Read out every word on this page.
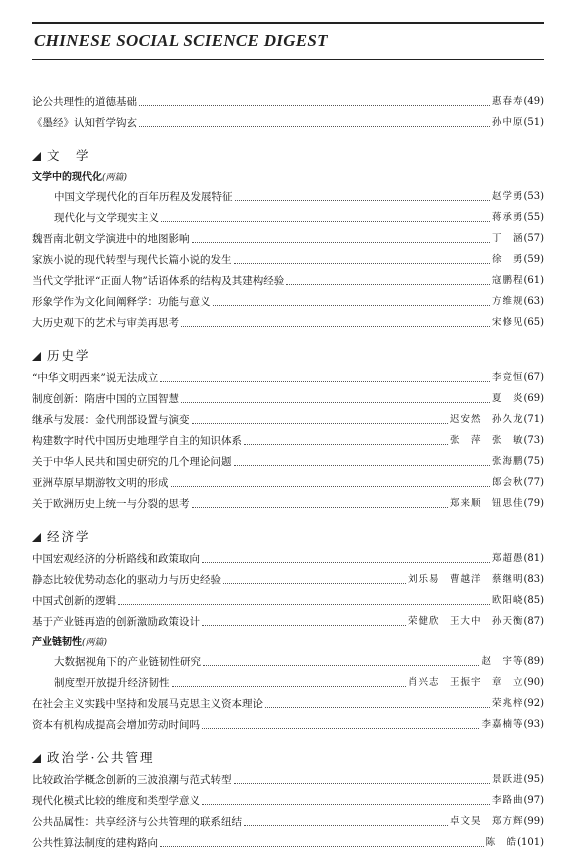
CHINESE SOCIAL SCIENCE DIGEST
论公共理性的道德基础	惠春寿 (49)
《墨经》认知哲学钩玄	孙中原 (51)
文　学
文学中的现代化 (两篇)
中国文学现代化的百年历程及发展特征	赵学勇 (53)
现代化与文学现实主义	蒋承勇 (55)
魏晋南北朝文学演进中的地图影响	丁　涵 (57)
家族小说的现代转型与现代长篇小说的发生	徐　勇 (59)
当代文学批评“正面人物”话语体系的结构及其建构经验	寇鹏程 (61)
形象学作为文化间阐释学：功能与意义	方维规 (63)
大历史观下的艺术与审美再思考	宋修见 (65)
历史学
“中华文明西来”说无法成立	李竞恒 (67)
制度创新：隋唐中国的立国智慧	夏　炎 (69)
继承与发展：金代刑部设置与演变	迟安然　孙久龙 (71)
构建数字时代中国历史地理学自主的知识体系	张　萍　张　敏 (73)
关于中华人民共和国史研究的几个理论问题	张海鹏 (75)
亚洲草原早期游牧文明的形成	郎会秋 (77)
关于欧洲历史上统一与分裂的思考	郑来顺　钮思佳 (79)
经济学
中国宏观经济的分析路线和政策取向	郑超愚 (81)
静态比较优势动态化的驱动力与历史经验	刘乐易　曹越洋　蔡继明 (83)
中国式创新的逻辑	欧阳峣 (85)
基于产业链再造的创新激励政策设计	荣健欣　王大中　孙天衡 (87)
产业链韧性 (两篇)
大数据视角下的产业链韧性研究	赵　宇等 (89)
制度型开放提升经济韧性	肖兴志　王振宇　章　立 (90)
在社会主义实践中坚持和发展马克思主义资本理论	荣兆梓 (92)
资本有机构成提高会增加劳动时间吗	李嘉楠等 (93)
政治学·公共管理
比较政治学概念创新的三波浪潮与范式转型	景跃进 (95)
现代化模式比较的维度和类型学意义	李路曲 (97)
公共品属性：共享经济与公共管理的联系纽结	卓文昊　郑方辉 (99)
公共性算法制度的建构路向	陈　皓 (101)
